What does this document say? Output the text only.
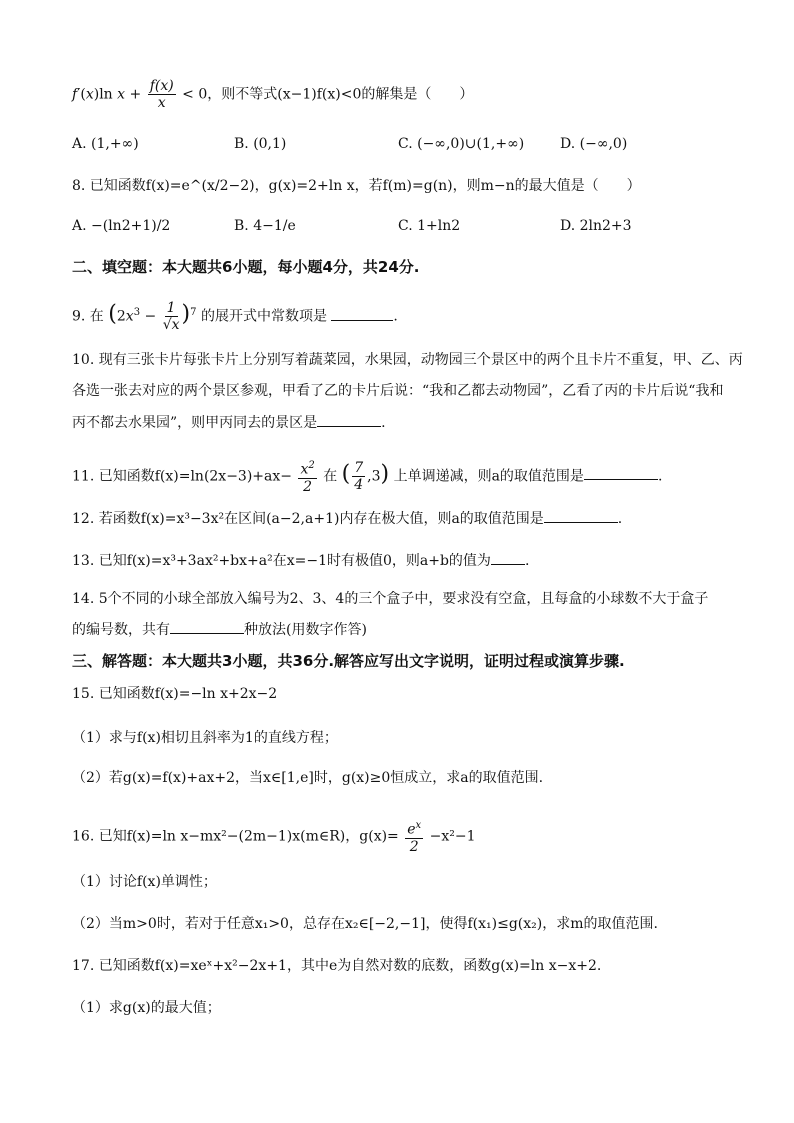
f′(x)ln $x + \frac{f(x)}{x} < 0$，则不等式(x−1)f(x)<0的解集是（　　）
A. (1,+∞)	B. (0,1)	C. (−∞,0)∪(1,+∞)	D. (−∞,0)
8. 已知函数f(x)=e^(x/2−2)，g(x)=2+ln x，若f(m)=g(n)，则m−n的最大值是（　　）
A. −(ln2+1)/2	B. 4−1/e	C. 1+ln2	D. 2ln2+3
二、填空题：本大题共6小题，每小题4分，共24分.
9. 在 $(2x^3 - \frac{1}{√x} )^7$ 的展开式中常数项是	.
10. 现有三张卡片每张卡片上分别写着蔬菜园，水果园，动物园三个景区中的两个且卡片不重复，甲、乙、丙
各选一张去对应的两个景区参观，甲看了乙的卡片后说：“我和乙都去动物园”，乙看了丙的卡片后说“我和
丙不都去水果园”，则甲丙同去的景区是	.
11. 已知函数$f(x)=\ln(2x-3)+ax- \frac{x^2}{2}$ 在 ( $\frac{7}{4} ,3$) 上单调递减，则a的取值范围是	.
12. 若函数f(x)=x³−3x²在区间(a−2,a+1)内存在极大值，则a的取值范围是	.
13. 已知f(x)=x³+3ax²+bx+a²在x=−1时有极值0，则a+b的值为 .
14. 5个不同的小球全部放入编号为2、3、4的三个盒子中，要求没有空盒，且每盒的小球数不大于盒子
的编号数，共有	种放法(用数字作答)
三、解答题：本大题共3小题，共36分.解答应写出文字说明，证明过程或演算步骤.
15. 已知函数f(x)=−ln x+2x−2
（1）求与f(x)相切且斜率为1的直线方程；
（2）若g(x)=f(x)+ax+2，当x∈[1,e]时，g(x)≥0恒成立，求a的取值范围.
16. 已知f(x)=ln x−mx²−(2m−1)x(m∈R)，$g(x)= \frac{e^x}{2} -x^2-1$
（1）讨论f(x)单调性；
（2）当m>0时，若对于任意x₁>0，总存在x₂∈[−2,−1]，使得f(x₁)≤g(x₂)，求m的取值范围.
17. 已知函数f(x)=xeˣ+x²−2x+1，其中e为自然对数的底数，函数g(x)=ln x−x+2.
（1）求g(x)的最大值；
